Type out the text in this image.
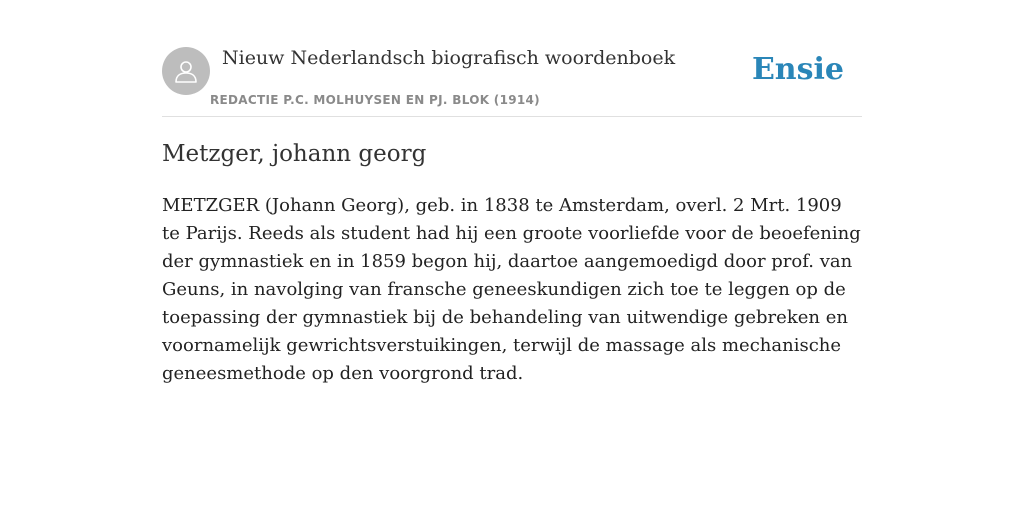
Nieuw Nederlandsch biografisch woordenboek
REDACTIE P.C. MOLHUYSEN EN PJ. BLOK (1914)
Ensie
Metzger, johann georg

METZGER (Johann Georg), geb. in 1838 te Amsterdam, overl. 2 Mrt. 1909 te Parijs. Reeds als student had hij een groote voorliefde voor de beoefening der gymnastiek en in 1859 begon hij, daartoe aangemoedigd door prof. van Geuns, in navolging van fransche geneeskundigen zich toe te leggen op de toepassing der gymnastiek bij de behandeling van uitwendige gebreken en voornamelijk gewrichtsverstuikingen, terwijl de massage als mechanische geneesmethode op den voorgrond trad.
